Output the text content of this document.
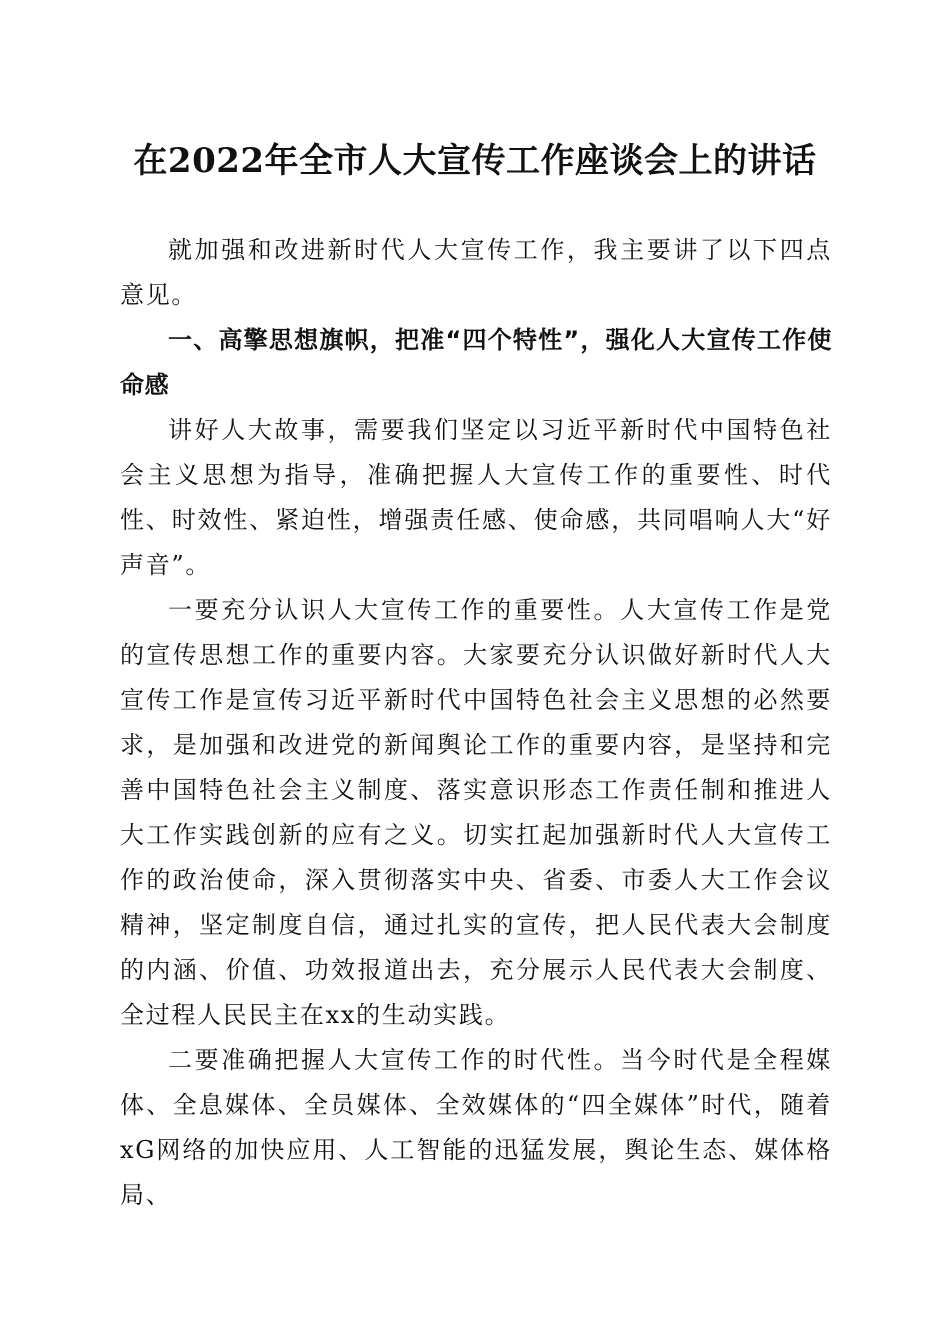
在2022年全市人大宣传工作座谈会上的讲话

就加强和改进新时代人大宣传工作，我主要讲了以下四点意见。

一、高擎思想旗帜，把准“四个特性”，强化人大宣传工作使命感

讲好人大故事，需要我们坚定以习近平新时代中国特色社会主义思想为指导，准确把握人大宣传工作的重要性、时代性、时效性、紧迫性，增强责任感、使命感，共同唱响人大“好声音”。

一要充分认识人大宣传工作的重要性。人大宣传工作是党的宣传思想工作的重要内容。大家要充分认识做好新时代人大宣传工作是宣传习近平新时代中国特色社会主义思想的必然要求，是加强和改进党的新闻舆论工作的重要内容，是坚持和完善中国特色社会主义制度、落实意识形态工作责任制和推进人大工作实践创新的应有之义。切实扛起加强新时代人大宣传工作的政治使命，深入贯彻落实中央、省委、市委人大工作会议精神，坚定制度自信，通过扎实的宣传，把人民代表大会制度的内涵、价值、功效报道出去，充分展示人民代表大会制度、全过程人民民主在xx的生动实践。

二要准确把握人大宣传工作的时代性。当今时代是全程媒体、全息媒体、全员媒体、全效媒体的“四全媒体”时代，随着xG网络的加快应用、人工智能的迅猛发展，舆论生态、媒体格局、
